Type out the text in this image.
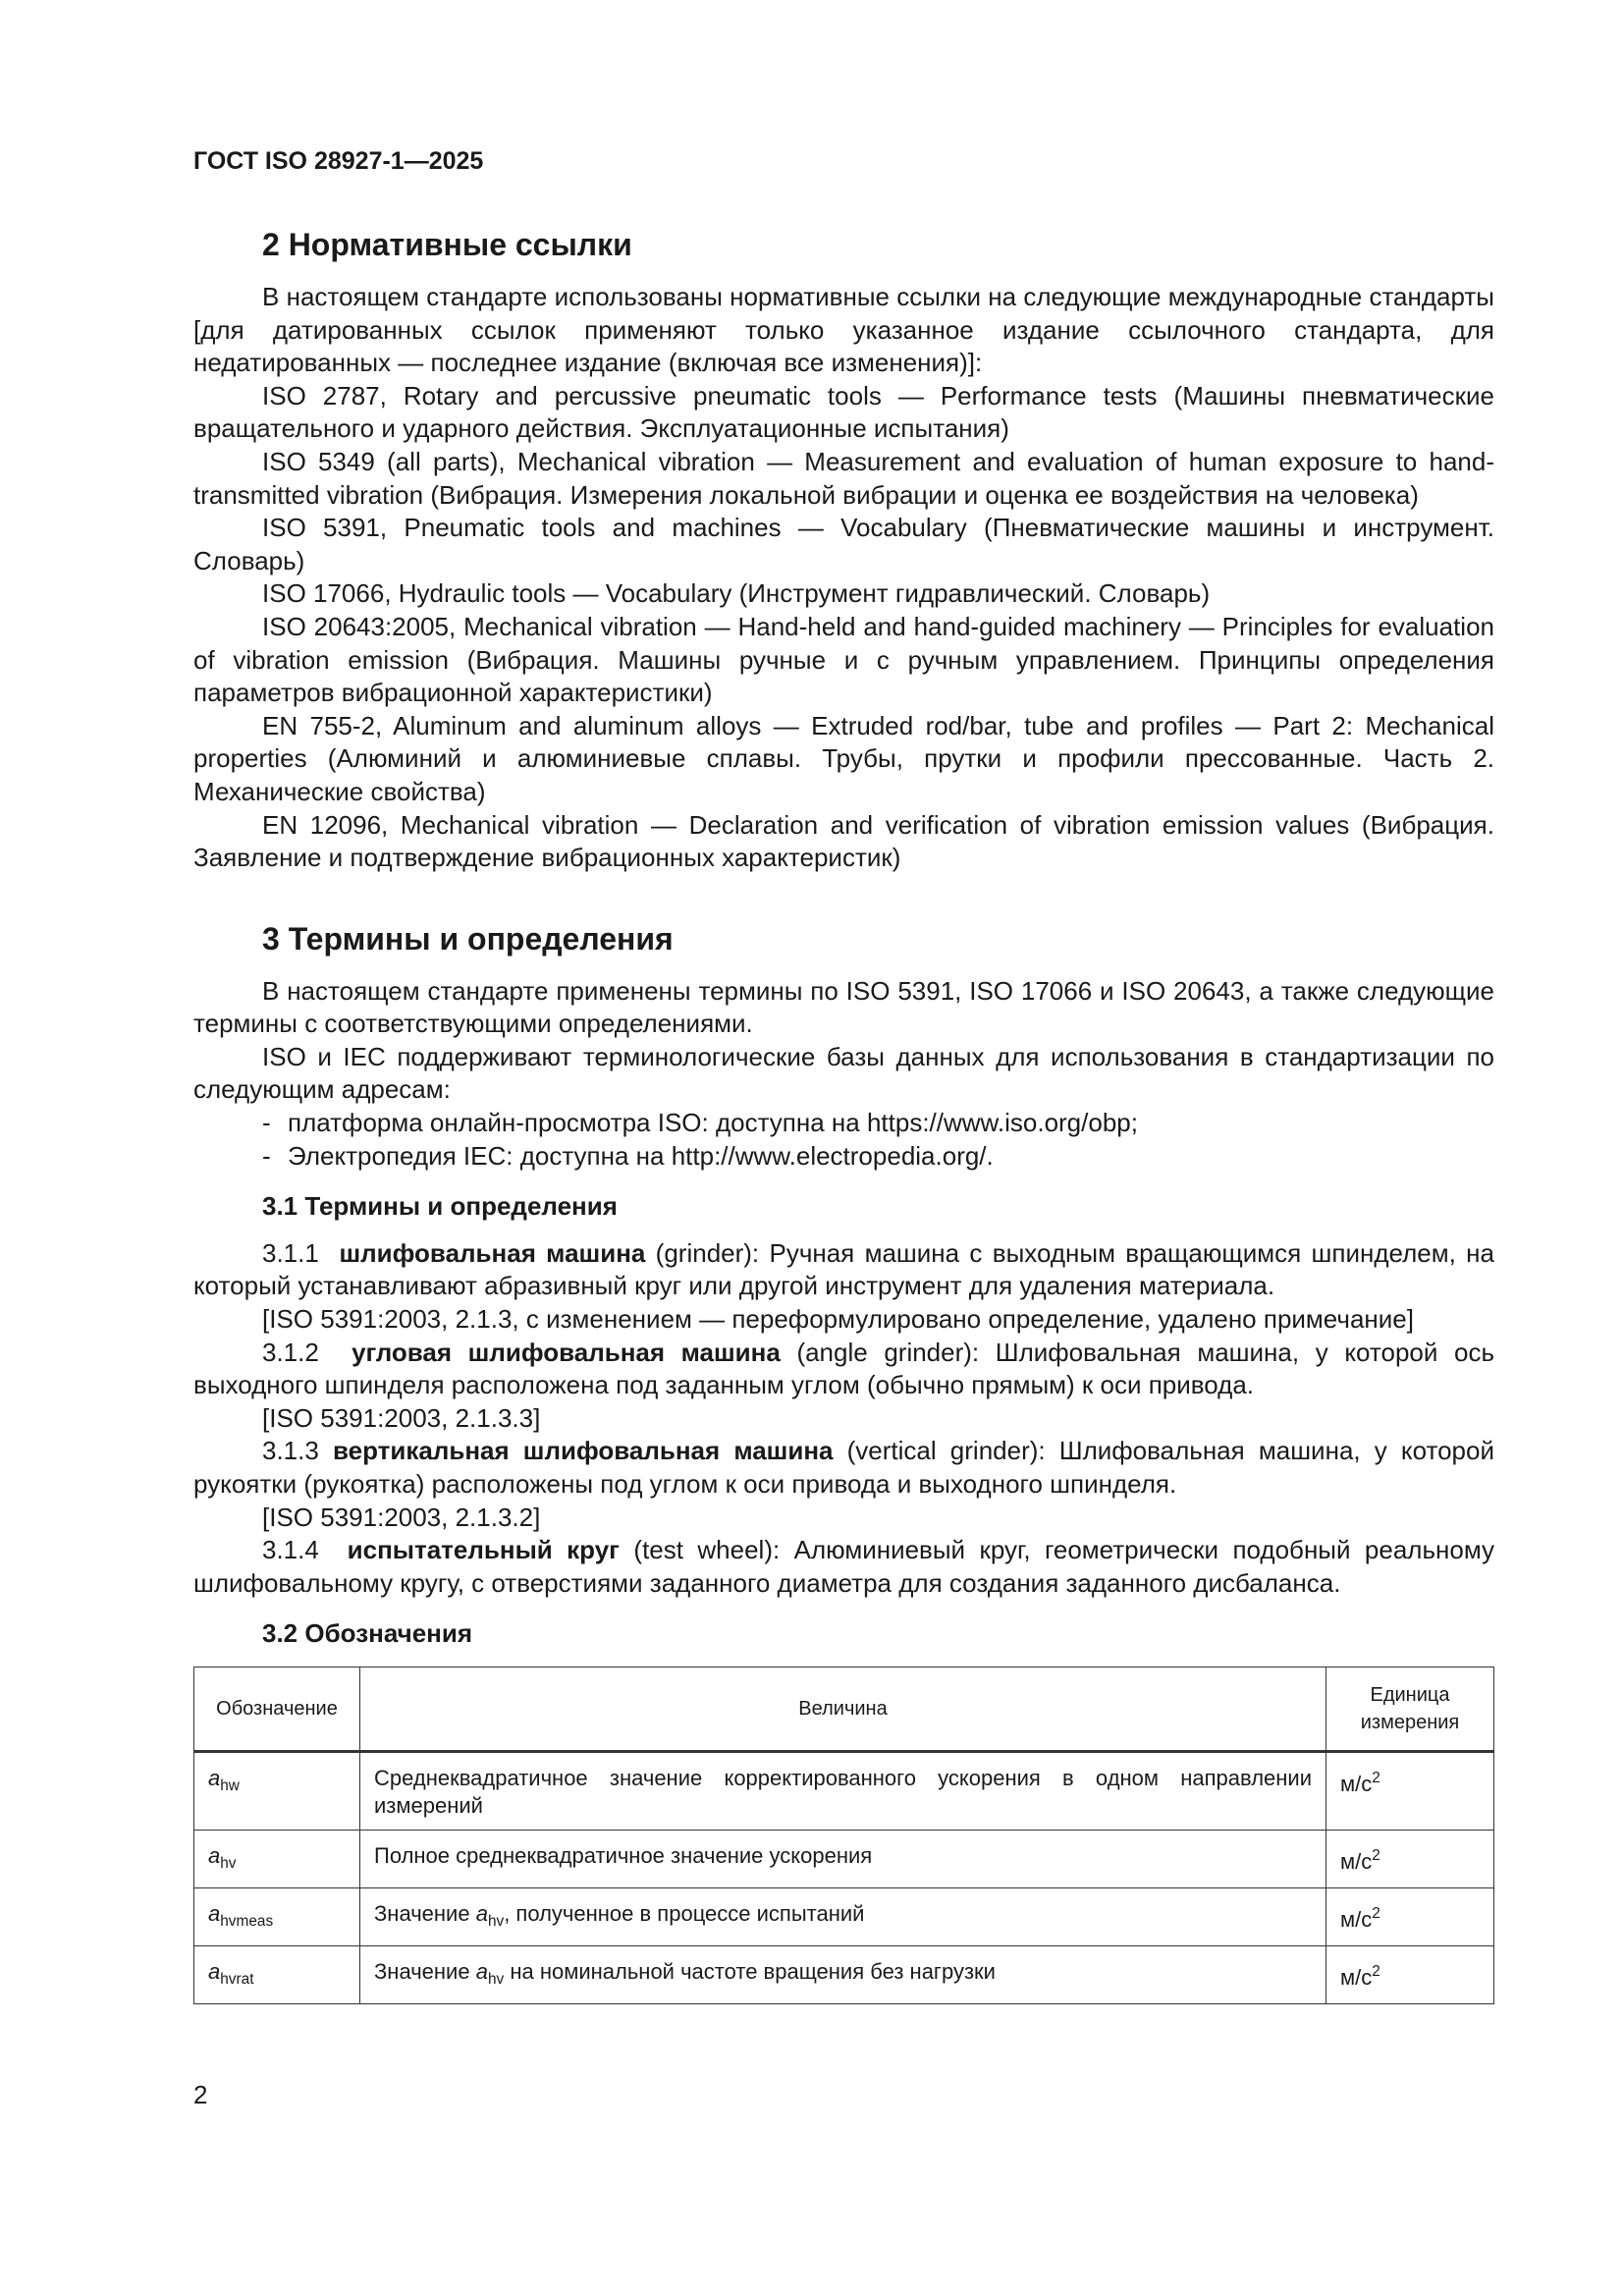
ГОСТ ISO 28927-1—2025
2 Нормативные ссылки

В настоящем стандарте использованы нормативные ссылки на следующие международные стандарты [для датированных ссылок применяют только указанное издание ссылочного стандарта, для недатированных — последнее издание (включая все изменения)]:

ISO 2787, Rotary and percussive pneumatic tools — Performance tests (Машины пневматические вращательного и ударного действия. Эксплуатационные испытания)

ISO 5349 (all parts), Mechanical vibration — Measurement and evaluation of human exposure to hand-transmitted vibration (Вибрация. Измерения локальной вибрации и оценка ее воздействия на человека)

ISO 5391, Pneumatic tools and machines — Vocabulary (Пневматические машины и инструмент. Словарь)

ISO 17066, Hydraulic tools — Vocabulary (Инструмент гидравлический. Словарь)

ISO 20643:2005, Mechanical vibration — Hand-held and hand-guided machinery — Principles for evaluation of vibration emission (Вибрация. Машины ручные и с ручным управлением. Принципы определения параметров вибрационной характеристики)

EN 755-2, Aluminum and aluminum alloys — Extruded rod/bar, tube and profiles — Part 2: Mechanical properties (Алюминий и алюминиевые сплавы. Трубы, прутки и профили прессованные. Часть 2. Механические свойства)

EN 12096, Mechanical vibration — Declaration and verification of vibration emission values (Вибрация. Заявление и подтверждение вибрационных характеристик)

3 Термины и определения

В настоящем стандарте применены термины по ISO 5391, ISO 17066 и ISO 20643, а также следующие термины с соответствующими определениями.

ISO и IEC поддерживают терминологические базы данных для использования в стандартизации по следующим адресам:

- платформа онлайн-просмотра ISO: доступна на https://www.iso.org/obp;
- Электропедия IEC: доступна на http://www.electropedia.org/.
3.1 Термины и определения

3.1.1 шлифовальная машина (grinder): Ручная машина с выходным вращающимся шпинделем, на который устанавливают абразивный круг или другой инструмент для удаления материала.

[ISO 5391:2003, 2.1.3, с изменением — переформулировано определение, удалено примечание]

3.1.2 угловая шлифовальная машина (angle grinder): Шлифовальная машина, у которой ось выходного шпинделя расположена под заданным углом (обычно прямым) к оси привода.

[ISO 5391:2003, 2.1.3.3]

3.1.3 вертикальная шлифовальная машина (vertical grinder): Шлифовальная машина, у которой рукоятки (рукоятка) расположены под углом к оси привода и выходного шпинделя.

[ISO 5391:2003, 2.1.3.2]

3.1.4 испытательный круг (test wheel): Алюминиевый круг, геометрически подобный реальному шлифовальному кругу, с отверстиями заданного диаметра для создания заданного дисбаланса.

3.2 Обозначения
Обозначение	Величина	Единица измерения
$a_{hw}$	Среднеквадратичное значение корректированного ускорения в одном направлении измерений	$м/с^2$
$a_{hv}$	Полное среднеквадратичное значение ускорения	$м/с^2$
$a_{hvmeas}$	Значение $a_{hv}$, полученное в процессе испытаний	$м/с^2$
$a_{hvrat}$	Значение $a_{hv}$ на номинальной частоте вращения без нагрузки	$м/с^2$
2
